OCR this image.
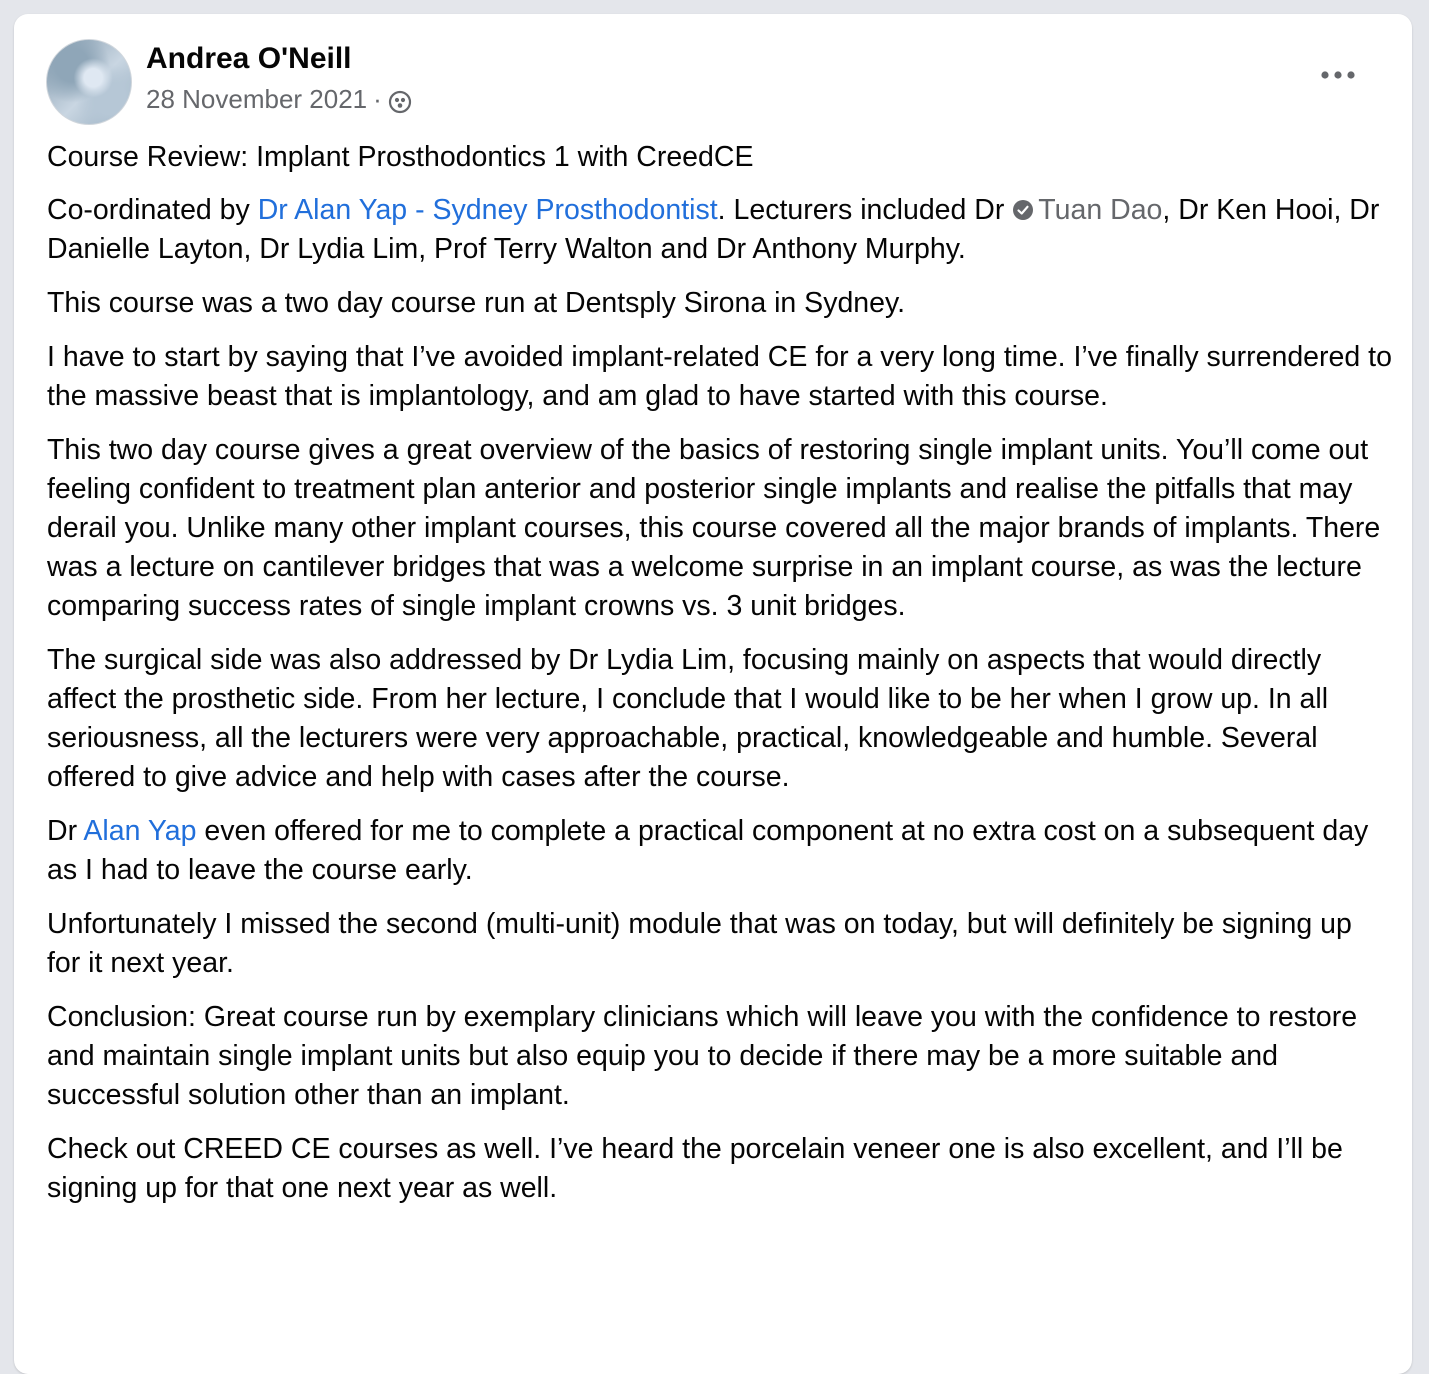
Andrea O'Neill
28 November 2021 ·

Course Review: Implant Prosthodontics 1 with CreedCE

Co-ordinated by Dr Alan Yap - Sydney Prosthodontist. Lecturers included Dr Tuan Dao, Dr Ken Hooi, Dr Danielle Layton, Dr Lydia Lim, Prof Terry Walton and Dr Anthony Murphy.

This course was a two day course run at Dentsply Sirona in Sydney.

I have to start by saying that I’ve avoided implant-related CE for a very long time. I’ve finally surrendered to the massive beast that is implantology, and am glad to have started with this course.

This two day course gives a great overview of the basics of restoring single implant units. You’ll come out feeling confident to treatment plan anterior and posterior single implants and realise the pitfalls that may derail you. Unlike many other implant courses, this course covered all the major brands of implants. There was a lecture on cantilever bridges that was a welcome surprise in an implant course, as was the lecture comparing success rates of single implant crowns vs. 3 unit bridges.

The surgical side was also addressed by Dr Lydia Lim, focusing mainly on aspects that would directly affect the prosthetic side. From her lecture, I conclude that I would like to be her when I grow up. In all seriousness, all the lecturers were very approachable, practical, knowledgeable and humble. Several offered to give advice and help with cases after the course.

Dr Alan Yap even offered for me to complete a practical component at no extra cost on a subsequent day as I had to leave the course early.

Unfortunately I missed the second (multi-unit) module that was on today, but will definitely be signing up for it next year.

Conclusion: Great course run by exemplary clinicians which will leave you with the confidence to restore and maintain single implant units but also equip you to decide if there may be a more suitable and successful solution other than an implant.

Check out CREED CE courses as well. I’ve heard the porcelain veneer one is also excellent, and I’ll be signing up for that one next year as well.
